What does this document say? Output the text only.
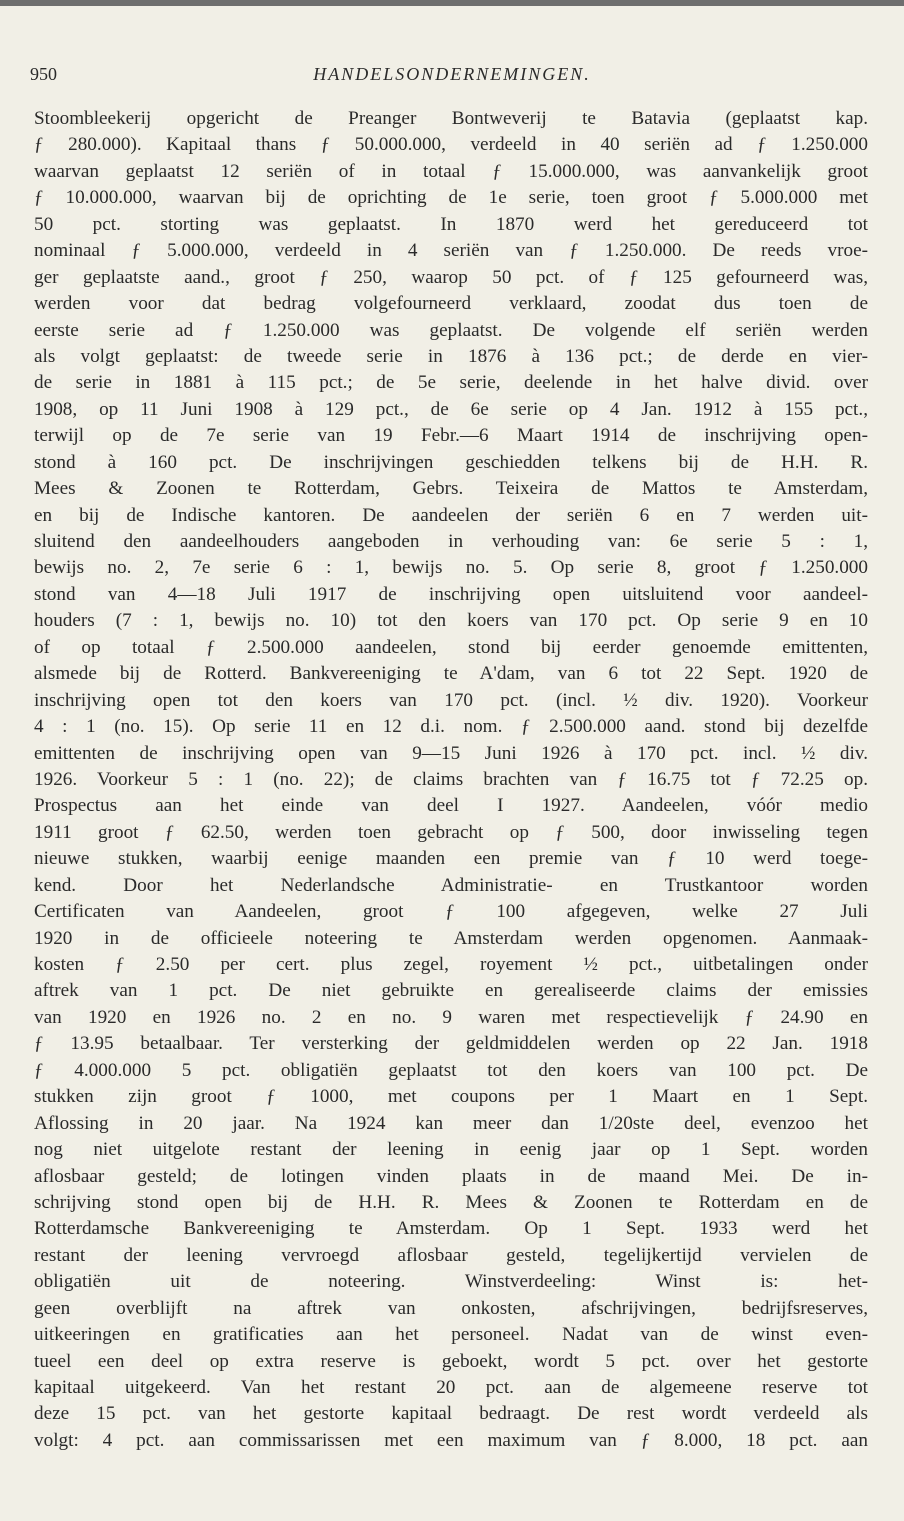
950	HANDELSONDERNEMINGEN.
Stoombleekerij opgericht de Preanger Bontweverij te Batavia (geplaatst kap.
ƒ 280.000). Kapitaal thans ƒ 50.000.000, verdeeld in 40 seriën ad ƒ 1.250.000
waarvan geplaatst 12 seriën of in totaal ƒ 15.000.000, was aanvankelijk groot
ƒ 10.000.000, waarvan bij de oprichting de 1e serie, toen groot ƒ 5.000.000 met
50 pct. storting was geplaatst. In 1870 werd het gereduceerd tot
nominaal ƒ 5.000.000, verdeeld in 4 seriën van ƒ 1.250.000. De reeds vroe-
ger geplaatste aand., groot ƒ 250, waarop 50 pct. of ƒ 125 gefourneerd was,
werden voor dat bedrag volgefourneerd verklaard, zoodat dus toen de
eerste serie ad ƒ 1.250.000 was geplaatst. De volgende elf seriën werden
als volgt geplaatst: de tweede serie in 1876 à 136 pct.; de derde en vier-
de serie in 1881 à 115 pct.; de 5e serie, deelende in het halve divid. over
1908, op 11 Juni 1908 à 129 pct., de 6e serie op 4 Jan. 1912 à 155 pct.,
terwijl op de 7e serie van 19 Febr.—6 Maart 1914 de inschrijving open-
stond à 160 pct. De inschrijvingen geschiedden telkens bij de H.H. R.
Mees & Zoonen te Rotterdam, Gebrs. Teixeira de Mattos te Amsterdam,
en bij de Indische kantoren. De aandeelen der seriën 6 en 7 werden uit-
sluitend den aandeelhouders aangeboden in verhouding van: 6e serie 5 : 1,
bewijs no. 2, 7e serie 6 : 1, bewijs no. 5. Op serie 8, groot ƒ 1.250.000
stond van 4—18 Juli 1917 de inschrijving open uitsluitend voor aandeel-
houders (7 : 1, bewijs no. 10) tot den koers van 170 pct. Op serie 9 en 10
of op totaal ƒ 2.500.000 aandeelen, stond bij eerder genoemde emittenten,
alsmede bij de Rotterd. Bankvereeniging te A'dam, van 6 tot 22 Sept. 1920 de
inschrijving open tot den koers van 170 pct. (incl. ½ div. 1920). Voorkeur
4 : 1 (no. 15). Op serie 11 en 12 d.i. nom. ƒ 2.500.000 aand. stond bij dezelfde
emittenten de inschrijving open van 9—15 Juni 1926 à 170 pct. incl. ½ div.
1926. Voorkeur 5 : 1 (no. 22); de claims brachten van ƒ 16.75 tot ƒ 72.25 op.
Prospectus aan het einde van deel I 1927. Aandeelen, vóór medio
1911 groot ƒ 62.50, werden toen gebracht op ƒ 500, door inwisseling tegen
nieuwe stukken, waarbij eenige maanden een premie van ƒ 10 werd toege-
kend. Door het Nederlandsche Administratie- en Trustkantoor worden
Certificaten van Aandeelen, groot ƒ 100 afgegeven, welke 27 Juli
1920 in de officieele noteering te Amsterdam werden opgenomen. Aanmaak-
kosten ƒ 2.50 per cert. plus zegel, royement ½ pct., uitbetalingen onder
aftrek van 1 pct. De niet gebruikte en gerealiseerde claims der emissies
van 1920 en 1926 no. 2 en no. 9 waren met respectievelijk ƒ 24.90 en
ƒ 13.95 betaalbaar. Ter versterking der geldmiddelen werden op 22 Jan. 1918
ƒ 4.000.000 5 pct. obligatiën geplaatst tot den koers van 100 pct. De
stukken zijn groot ƒ 1000, met coupons per 1 Maart en 1 Sept.
Aflossing in 20 jaar. Na 1924 kan meer dan 1/20ste deel, evenzoo het
nog niet uitgelote restant der leening in eenig jaar op 1 Sept. worden
aflosbaar gesteld; de lotingen vinden plaats in de maand Mei. De in-
schrijving stond open bij de H.H. R. Mees & Zoonen te Rotterdam en de
Rotterdamsche Bankvereeniging te Amsterdam. Op 1 Sept. 1933 werd het
restant der leening vervroegd aflosbaar gesteld, tegelijkertijd vervielen de
obligatiën uit de noteering. Winstverdeeling: Winst is: het-
geen overblijft na aftrek van onkosten, afschrijvingen, bedrijfsreserves,
uitkeeringen en gratificaties aan het personeel. Nadat van de winst even-
tueel een deel op extra reserve is geboekt, wordt 5 pct. over het gestorte
kapitaal uitgekeerd. Van het restant 20 pct. aan de algemeene reserve tot
deze 15 pct. van het gestorte kapitaal bedraagt. De rest wordt verdeeld als
volgt: 4 pct. aan commissarissen met een maximum van ƒ 8.000, 18 pct. aan
